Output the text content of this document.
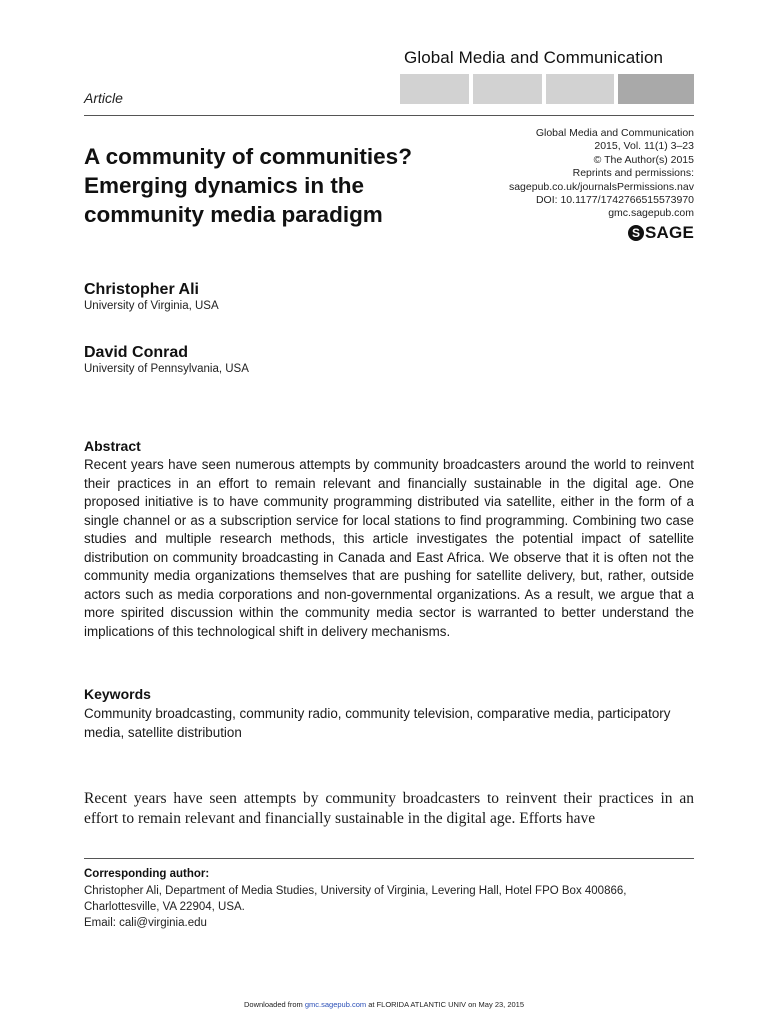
Global Media and Communication
Article
A community of communities?
Emerging dynamics in the
community media paradigm
Global Media and Communication
2015, Vol. 11(1) 3–23
© The Author(s) 2015
Reprints and permissions:
sagepub.co.uk/journalsPermissions.nav
DOI: 10.1177/1742766515573970
gmc.sagepub.com
S SAGE
Christopher Ali
University of Virginia, USA
David Conrad
University of Pennsylvania, USA
Abstract
Recent years have seen numerous attempts by community broadcasters around the world to reinvent their practices in an effort to remain relevant and financially sustainable in the digital age. One proposed initiative is to have community programming distributed via satellite, either in the form of a single channel or as a subscription service for local stations to find programming. Combining two case studies and multiple research methods, this article investigates the potential impact of satellite distribution on community broadcasting in Canada and East Africa. We observe that it is often not the community media organizations themselves that are pushing for satellite delivery, but, rather, outside actors such as media corporations and non-governmental organizations. As a result, we argue that a more spirited discussion within the community media sector is warranted to better understand the implications of this technological shift in delivery mechanisms.
Keywords
Community broadcasting, community radio, community television, comparative media, participatory media, satellite distribution
Recent years have seen attempts by community broadcasters to reinvent their practices in an effort to remain relevant and financially sustainable in the digital age. Efforts have
Corresponding author:
Christopher Ali, Department of Media Studies, University of Virginia, Levering Hall, Hotel FPO Box 400866,
Charlottesville, VA 22904, USA.
Email: cali@virginia.edu
Downloaded from gmc.sagepub.com at FLORIDA ATLANTIC UNIV on May 23, 2015
